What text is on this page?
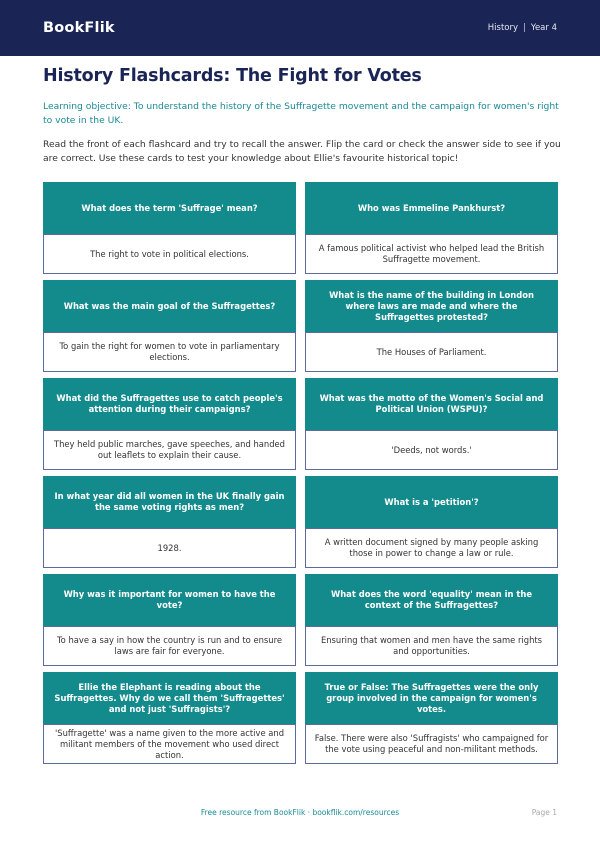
BookFlik	History | Year 4
History Flashcards: The Fight for Votes

Learning objective: To understand the history of the Suffragette movement and the campaign for women's right to vote in the UK.

Read the front of each flashcard and try to recall the answer. Flip the card or check the answer side to see if you are correct. Use these cards to test your knowledge about Ellie's favourite historical topic!

What does the term 'Suffrage' mean?
The right to vote in political elections.
Who was Emmeline Pankhurst?
A famous political activist who helped lead the British Suffragette movement.
What was the main goal of the Suffragettes?
To gain the right for women to vote in parliamentary elections.
What is the name of the building in London where laws are made and where the Suffragettes protested?
The Houses of Parliament.
What did the Suffragettes use to catch people's attention during their campaigns?
They held public marches, gave speeches, and handed out leaflets to explain their cause.
What was the motto of the Women's Social and Political Union (WSPU)?
'Deeds, not words.'
In what year did all women in the UK finally gain the same voting rights as men?
1928.
What is a 'petition'?
A written document signed by many people asking those in power to change a law or rule.
Why was it important for women to have the vote?
To have a say in how the country is run and to ensure laws are fair for everyone.
What does the word 'equality' mean in the context of the Suffragettes?
Ensuring that women and men have the same rights and opportunities.
Ellie the Elephant is reading about the Suffragettes. Why do we call them 'Suffragettes' and not just 'Suffragists'?
'Suffragette' was a name given to the more active and militant members of the movement who used direct action.
True or False: The Suffragettes were the only group involved in the campaign for women's votes.
False. There were also 'Suffragists' who campaigned for the vote using peaceful and non-militant methods.
Free resource from BookFlik · bookflik.com/resources	Page 1
